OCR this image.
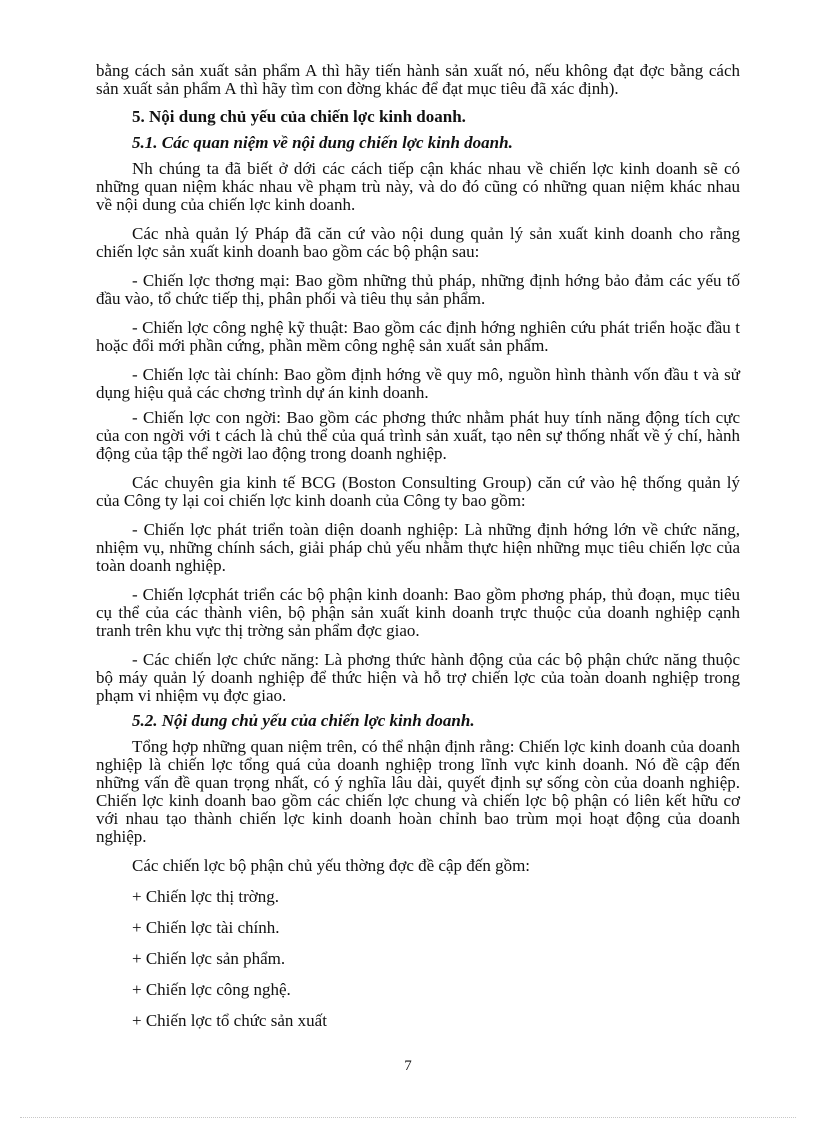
bằng cách sản xuất sản phẩm A thì hãy tiến hành sản xuất nó, nếu không đạt đợc bằng cách sản xuất sản phẩm A thì hãy tìm con đờng khác để đạt mục tiêu đã xác định).

5. Nội dung chủ yếu của chiến lợc kinh doanh.
5.1. Các quan niệm về nội dung chiến lợc kinh doanh.

Nh chúng ta đã biết ở dới các cách tiếp cận khác nhau về chiến lợc kinh doanh sẽ có những quan niệm khác nhau về phạm trù này, và do đó cũng có những quan niệm khác nhau về nội dung của chiến lợc kinh doanh.

Các nhà quản lý Pháp đã căn cứ vào nội dung quản lý sản xuất kinh doanh cho rằng chiến lợc sản xuất kinh doanh bao gồm các bộ phận sau:

- Chiến lợc thơng mại: Bao gồm những thủ pháp, những định hớng bảo đảm các yếu tố đầu vào, tổ chức tiếp thị, phân phối và tiêu thụ sản phẩm.

- Chiến lợc công nghệ kỹ thuật: Bao gồm các định hớng nghiên cứu phát triển hoặc đầu t hoặc đổi mới phần cứng, phần mềm công nghệ sản xuất sản phẩm.

- Chiến lợc tài chính: Bao gồm định hớng về quy mô, nguồn hình thành vốn đầu t và sử dụng hiệu quả các chơng trình dự án kinh doanh.

- Chiến lợc con ngời: Bao gồm các phơng thức nhằm phát huy tính năng động tích cực của con ngời với t cách là chủ thể của quá trình sản xuất, tạo nên sự thống nhất về ý chí, hành động của tập thể ngời lao động trong doanh nghiệp.

Các chuyên gia kinh tế BCG (Boston Consulting Group) căn cứ vào hệ thống quản lý của Công ty lại coi chiến lợc kinh doanh của Công ty bao gồm:

- Chiến lợc phát triển toàn diện doanh nghiệp: Là những định hớng lớn về chức năng, nhiệm vụ, những chính sách, giải pháp chủ yếu nhằm thực hiện những mục tiêu chiến lợc của toàn doanh nghiệp.

- Chiến lợcphát triển các bộ phận kinh doanh: Bao gồm phơng pháp, thủ đoạn, mục tiêu cụ thể của các thành viên, bộ phận sản xuất kinh doanh trực thuộc của doanh nghiệp cạnh tranh trên khu vực thị trờng sản phẩm đợc giao.

- Các chiến lợc chức năng: Là phơng thức hành động của các bộ phận chức năng thuộc bộ máy quản lý doanh nghiệp để thức hiện và hỗ trợ chiến lợc của toàn doanh nghiệp trong phạm vi nhiệm vụ đợc giao.

5.2. Nội dung chủ yếu của chiến lợc kinh doanh.

Tổng hợp những quan niệm trên, có thể nhận định rằng: Chiến lợc kinh doanh của doanh nghiệp là chiến lợc tổng quá của doanh nghiệp trong lĩnh vực kinh doanh. Nó đề cập đến những vấn đề quan trọng nhất, có ý nghĩa lâu dài, quyết định sự sống còn của doanh nghiệp. Chiến lợc kinh doanh bao gồm các chiến lợc chung và chiến lợc bộ phận có liên kết hữu cơ với nhau tạo thành chiến lợc kinh doanh hoàn chỉnh bao trùm mọi hoạt động của doanh nghiệp.

Các chiến lợc bộ phận chủ yếu thờng đợc đề cập đến gồm:

+ Chiến lợc thị trờng.

+ Chiến lợc tài chính.

+ Chiến lợc sản phẩm.

+ Chiến lợc công nghệ.

+ Chiến lợc tổ chức sản xuất

7
